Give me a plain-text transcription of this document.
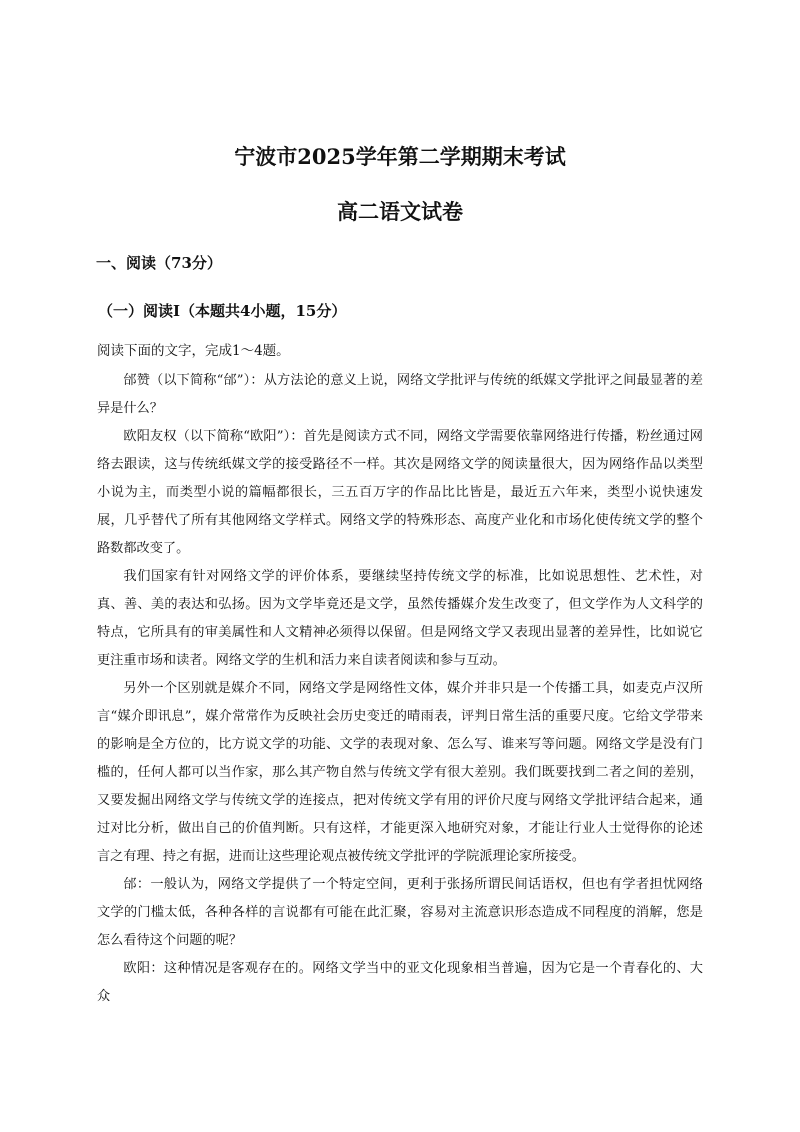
宁波市2025学年第二学期期末考试
高二语文试卷
一、阅读（73分）
（一）阅读Ⅰ（本题共4小题，15分）
阅读下面的文字，完成1～4题。

邰赞（以下简称“邰”）：从方法论的意义上说，网络文学批评与传统的纸媒文学批评之间最显著的差异是什么？

欧阳友权（以下简称“欧阳”）：首先是阅读方式不同，网络文学需要依靠网络进行传播，粉丝通过网络去跟读，这与传统纸媒文学的接受路径不一样。其次是网络文学的阅读量很大，因为网络作品以类型小说为主，而类型小说的篇幅都很长，三五百万字的作品比比皆是，最近五六年来，类型小说快速发展，几乎替代了所有其他网络文学样式。网络文学的特殊形态、高度产业化和市场化使传统文学的整个路数都改变了。

我们国家有针对网络文学的评价体系，要继续坚持传统文学的标准，比如说思想性、艺术性，对真、善、美的表达和弘扬。因为文学毕竟还是文学，虽然传播媒介发生改变了，但文学作为人文科学的特点，它所具有的审美属性和人文精神必须得以保留。但是网络文学又表现出显著的差异性，比如说它更注重市场和读者。网络文学的生机和活力来自读者阅读和参与互动。

另外一个区别就是媒介不同，网络文学是网络性文体，媒介并非只是一个传播工具，如麦克卢汉所言“媒介即讯息”，媒介常常作为反映社会历史变迁的晴雨表，评判日常生活的重要尺度。它给文学带来的影响是全方位的，比方说文学的功能、文学的表现对象、怎么写、谁来写等问题。网络文学是没有门槛的，任何人都可以当作家，那么其产物自然与传统文学有很大差别。我们既要找到二者之间的差别，又要发掘出网络文学与传统文学的连接点，把对传统文学有用的评价尺度与网络文学批评结合起来，通过对比分析，做出自己的价值判断。只有这样，才能更深入地研究对象，才能让行业人士觉得你的论述言之有理、持之有据，进而让这些理论观点被传统文学批评的学院派理论家所接受。

邰：一般认为，网络文学提供了一个特定空间，更利于张扬所谓民间话语权，但也有学者担忧网络文学的门槛太低，各种各样的言说都有可能在此汇聚，容易对主流意识形态造成不同程度的消解，您是怎么看待这个问题的呢？

欧阳：这种情况是客观存在的。网络文学当中的亚文化现象相当普遍，因为它是一个青春化的、大众
